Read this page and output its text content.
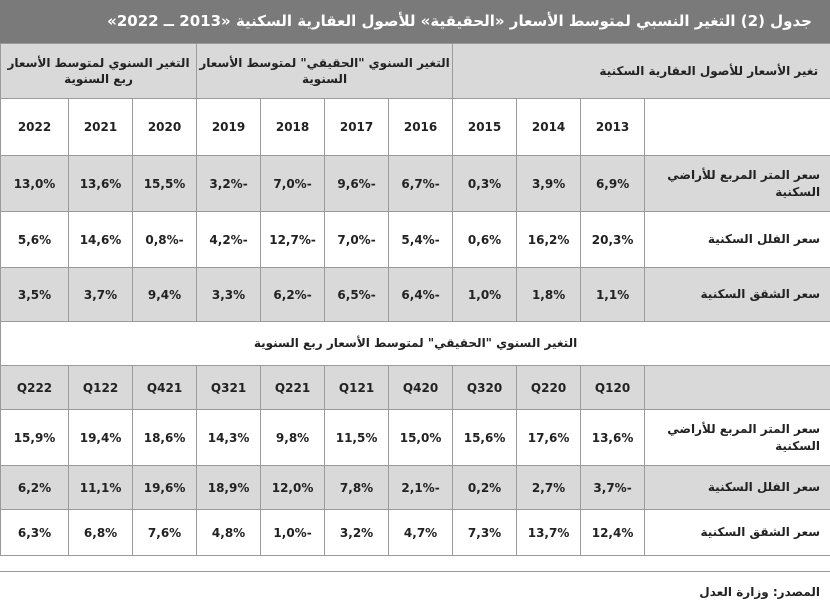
جدول (2) التغير النسبي لمتوسط الأسعار «الحقيقية» للأصول العقارية السكنية «2013 ــ 2022»
تغير الأسعار للأصول العقارية السكنية				التغير السنوي "الحقيقي" لمتوسط الأسعار السنوية				التغير السنوي لمتوسط الأسعار ربع السنوية		
	2013	2014	2015	2016	2017	2018	2019	2020	2021	2022
سعر المتر المربع للأراضي السكنية	6,9%	3,9%	0,3%	-6,7%	-9,6%	-7,0%	-3,2%	15,5%	13,6%	13,0%
سعر الفلل السكنية	20,3%	16,2%	0,6%	-5,4%	-7,0%	-12,7%	-4,2%	-0,8%	14,6%	5,6%
سعر الشقق السكنية	1,1%	1,8%	1,0%	-6,4%	-6,5%	-6,2%	3,3%	9,4%	3,7%	3,5%
التغير السنوي "الحقيقي" لمتوسط الأسعار ربع السنوية										
	Q120	Q220	Q320	Q420	Q121	Q221	Q321	Q421	Q122	Q222
سعر المتر المربع للأراضي السكنية	13,6%	17,6%	15,6%	15,0%	11,5%	9,8%	14,3%	18,6%	19,4%	15,9%
سعر الفلل السكنية	-3,7%	2,7%	0,2%	-2,1%	7,8%	12,0%	18,9%	19,6%	11,1%	6,2%
سعر الشقق السكنية	12,4%	13,7%	7,3%	4,7%	3,2%	-1,0%	4,8%	7,6%	6,8%	6,3%
المصدر: وزارة العدل
